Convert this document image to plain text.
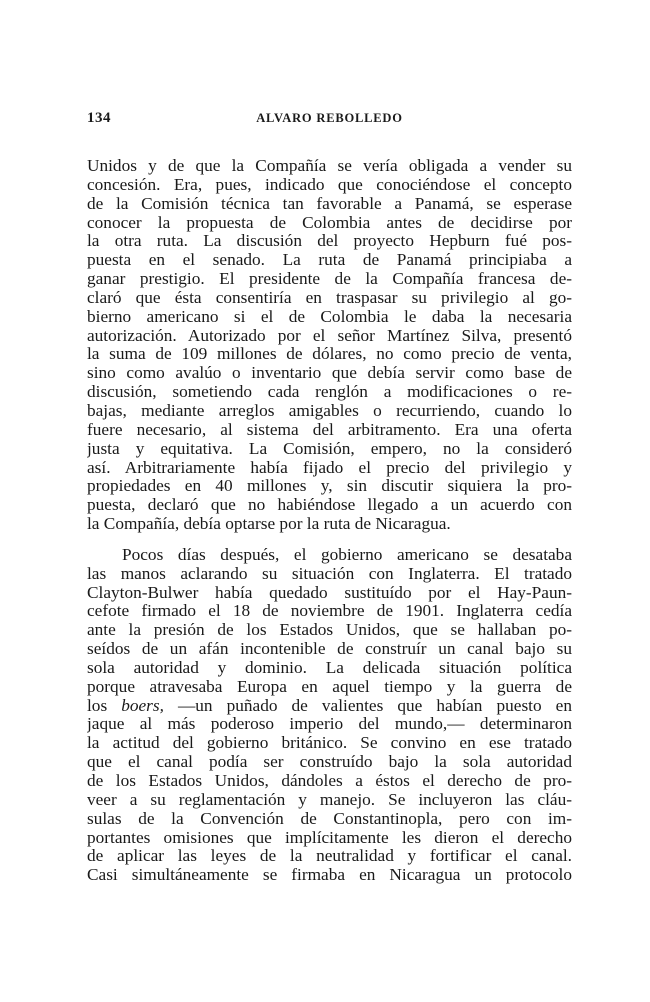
134	ALVARO REBOLLEDO
Unidos y de que la Compañía se vería obligada a vender su
concesión. Era, pues, indicado que conociéndose el concepto
de la Comisión técnica tan favorable a Panamá, se esperase
conocer la propuesta de Colombia antes de decidirse por
la otra ruta. La discusión del proyecto Hepburn fué pos-
puesta en el senado. La ruta de Panamá principiaba a
ganar prestigio. El presidente de la Compañía francesa de-
claró que ésta consentiría en traspasar su privilegio al go-
bierno americano si el de Colombia le daba la necesaria
autorización. Autorizado por el señor Martínez Silva, presentó
la suma de 109 millones de dólares, no como precio de venta,
sino como avalúo o inventario que debía servir como base de
discusión, sometiendo cada renglón a modificaciones o re-
bajas, mediante arreglos amigables o recurriendo, cuando lo
fuere necesario, al sistema del arbitramento. Era una oferta
justa y equitativa. La Comisión, empero, no la consideró
así. Arbitrariamente había fijado el precio del privilegio y
propiedades en 40 millones y, sin discutir siquiera la pro-
puesta, declaró que no habiéndose llegado a un acuerdo con
la Compañía, debía optarse por la ruta de Nicaragua.
Pocos días después, el gobierno americano se desataba
las manos aclarando su situación con Inglaterra. El tratado
Clayton-Bulwer había quedado sustituído por el Hay-Paun-
cefote firmado el 18 de noviembre de 1901. Inglaterra cedía
ante la presión de los Estados Unidos, que se hallaban po-
seídos de un afán incontenible de construír un canal bajo su
sola autoridad y dominio. La delicada situación política
porque atravesaba Europa en aquel tiempo y la guerra de
los boers, —un puñado de valientes que habían puesto en
jaque al más poderoso imperio del mundo,— determinaron
la actitud del gobierno británico. Se convino en ese tratado
que el canal podía ser construído bajo la sola autoridad
de los Estados Unidos, dándoles a éstos el derecho de pro-
veer a su reglamentación y manejo. Se incluyeron las cláu-
sulas de la Convención de Constantinopla, pero con im-
portantes omisiones que implícitamente les dieron el derecho
de aplicar las leyes de la neutralidad y fortificar el canal.
Casi simultáneamente se firmaba en Nicaragua un protocolo
